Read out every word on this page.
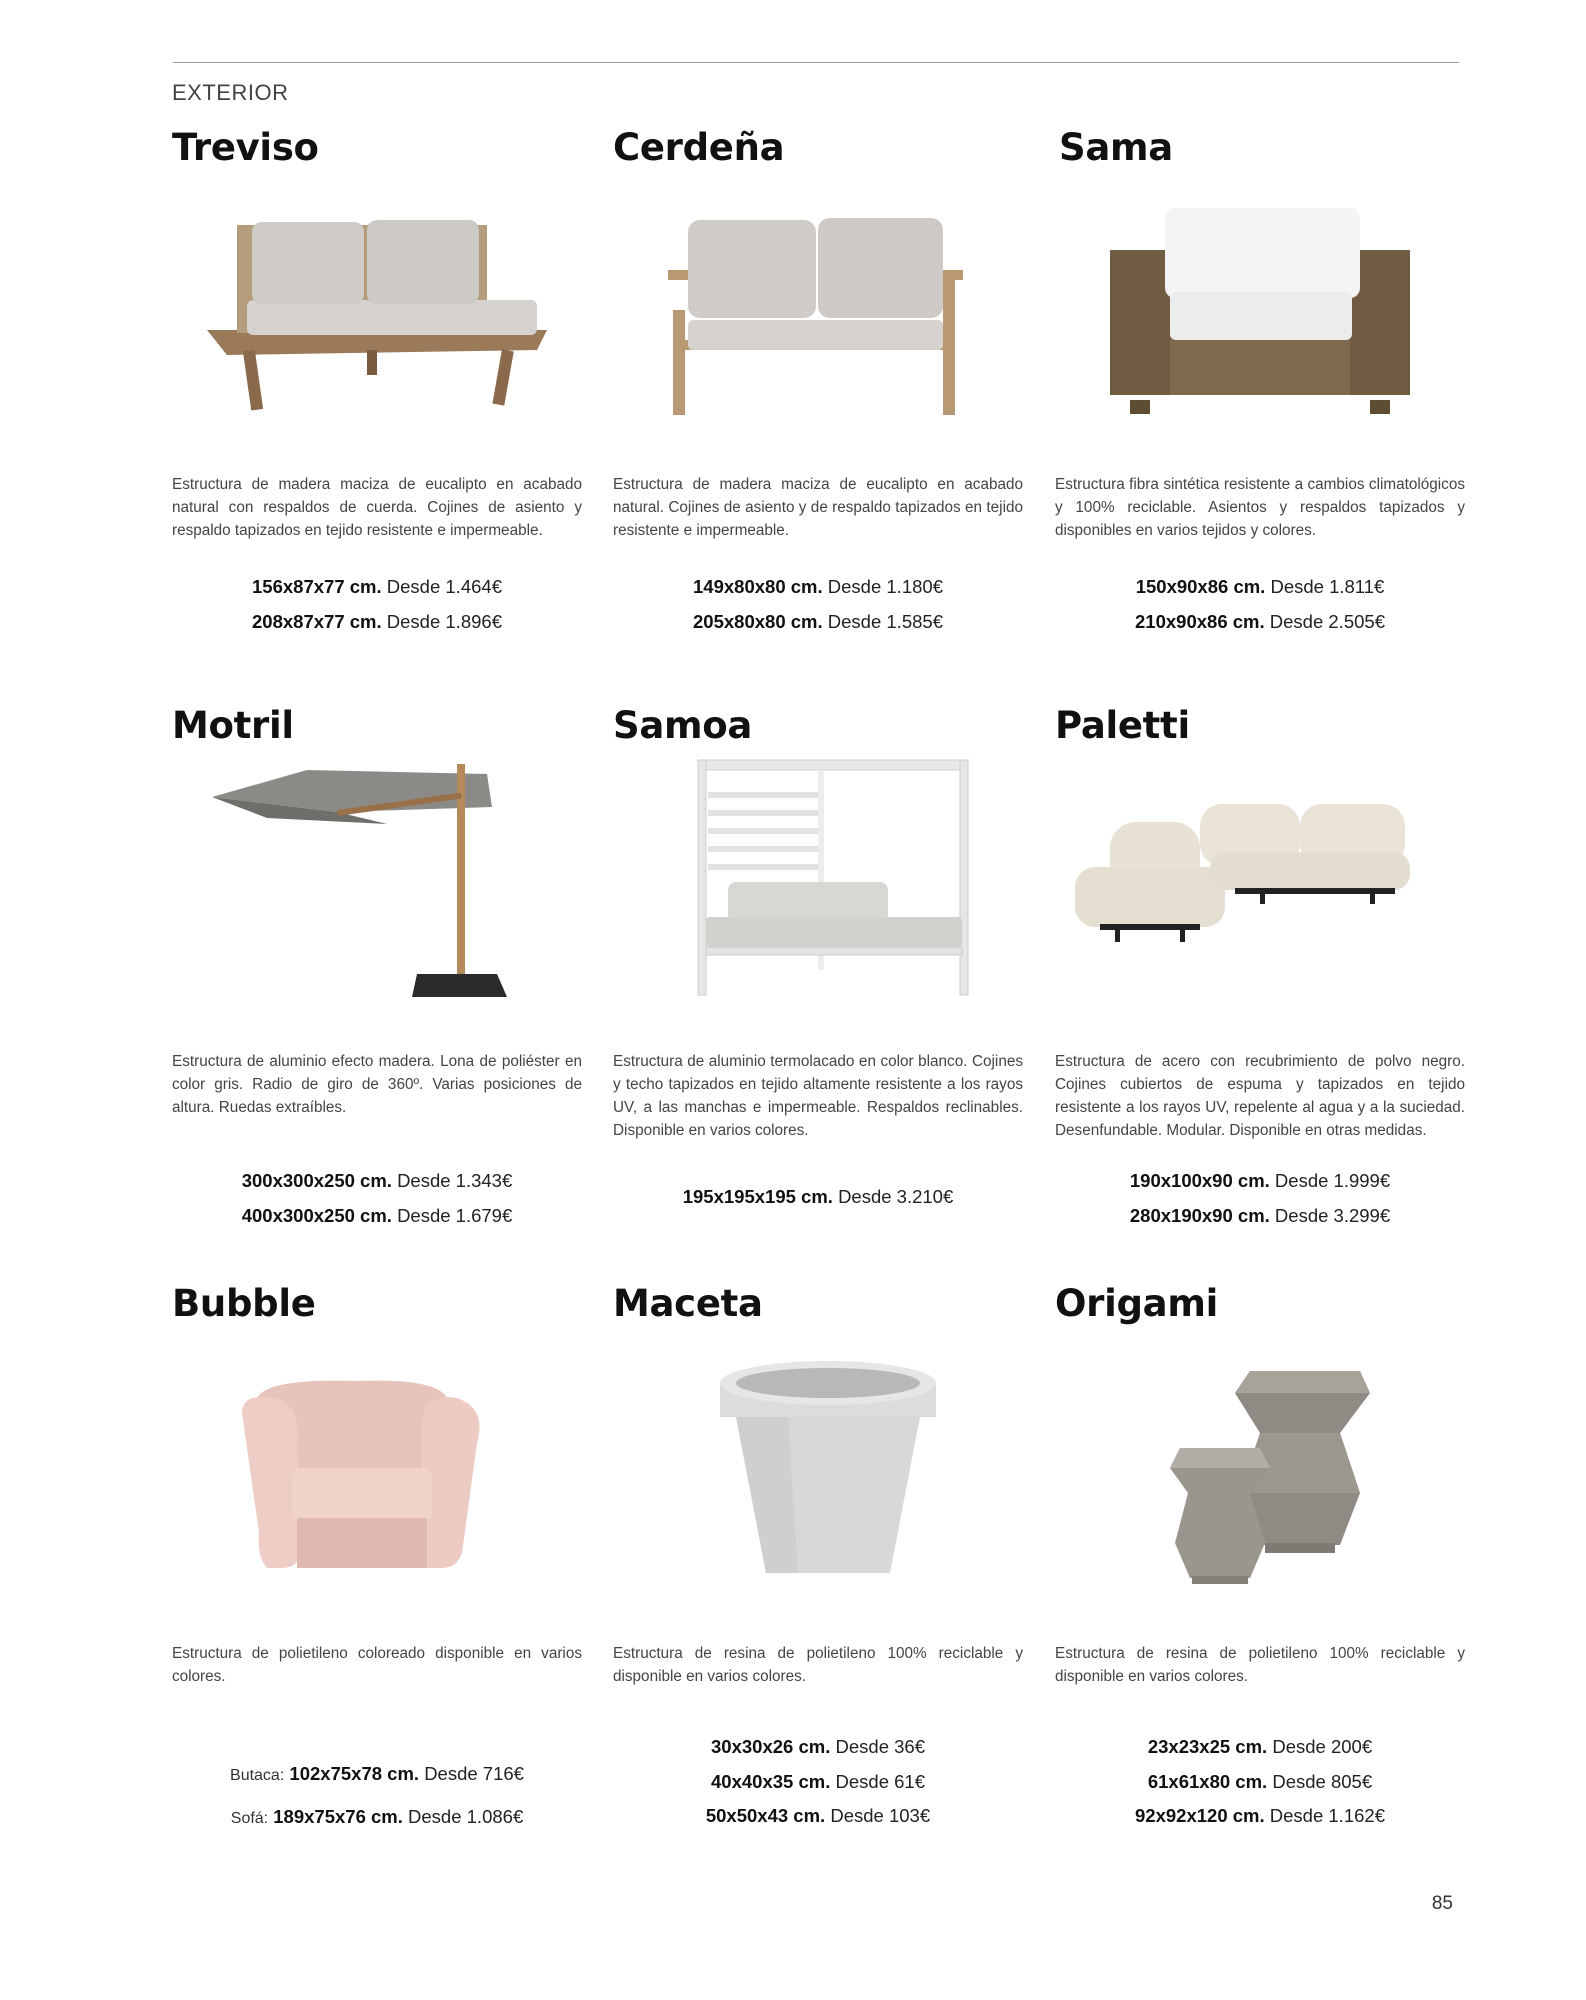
EXTERIOR
Treviso

Estructura de madera maciza de eucalipto en acabado natural con respaldos de cuerda. Cojines de asiento y respaldo tapizados en tejido resistente e impermeable.

156x87x77 cm. Desde 1.464€
208x87x77 cm. Desde 1.896€
Cerdeña

Estructura de madera maciza de eucalipto en acabado natural. Cojines de asiento y de respaldo tapizados en tejido resistente e impermeable.

149x80x80 cm. Desde 1.180€
205x80x80 cm. Desde 1.585€
Sama

Estructura fibra sintética resistente a cambios climatológicos y 100% reciclable. Asientos y respaldos tapizados y disponibles en varios tejidos y colores.

150x90x86 cm. Desde 1.811€
210x90x86 cm. Desde 2.505€
Motril

Estructura de aluminio efecto madera. Lona de poliéster en color gris. Radio de giro de 360º. Varias posiciones de altura. Ruedas extraíbles.

300x300x250 cm. Desde 1.343€
400x300x250 cm. Desde 1.679€
Samoa

Estructura de aluminio termolacado en color blanco. Cojines y techo tapizados en tejido altamente resistente a los rayos UV, a las manchas e impermeable. Respaldos reclinables. Disponible en varios colores.

195x195x195 cm. Desde 3.210€
Paletti

Estructura de acero con recubrimiento de polvo negro. Cojines cubiertos de espuma y tapizados en tejido resistente a los rayos UV, repelente al agua y a la suciedad. Desenfundable. Modular. Disponible en otras medidas.

190x100x90 cm. Desde 1.999€
280x190x90 cm. Desde 3.299€
Bubble

Estructura de polietileno coloreado disponible en varios colores.

Butaca: 102x75x78 cm. Desde 716€
Sofá: 189x75x76 cm. Desde 1.086€
Maceta

Estructura de resina de polietileno 100% reciclable y disponible en varios colores.

30x30x26 cm. Desde 36€
40x40x35 cm. Desde 61€
50x50x43 cm. Desde 103€
Origami

Estructura de resina de polietileno 100% reciclable y disponible en varios colores.

23x23x25 cm. Desde 200€
61x61x80 cm. Desde 805€
92x92x120 cm. Desde 1.162€
85
